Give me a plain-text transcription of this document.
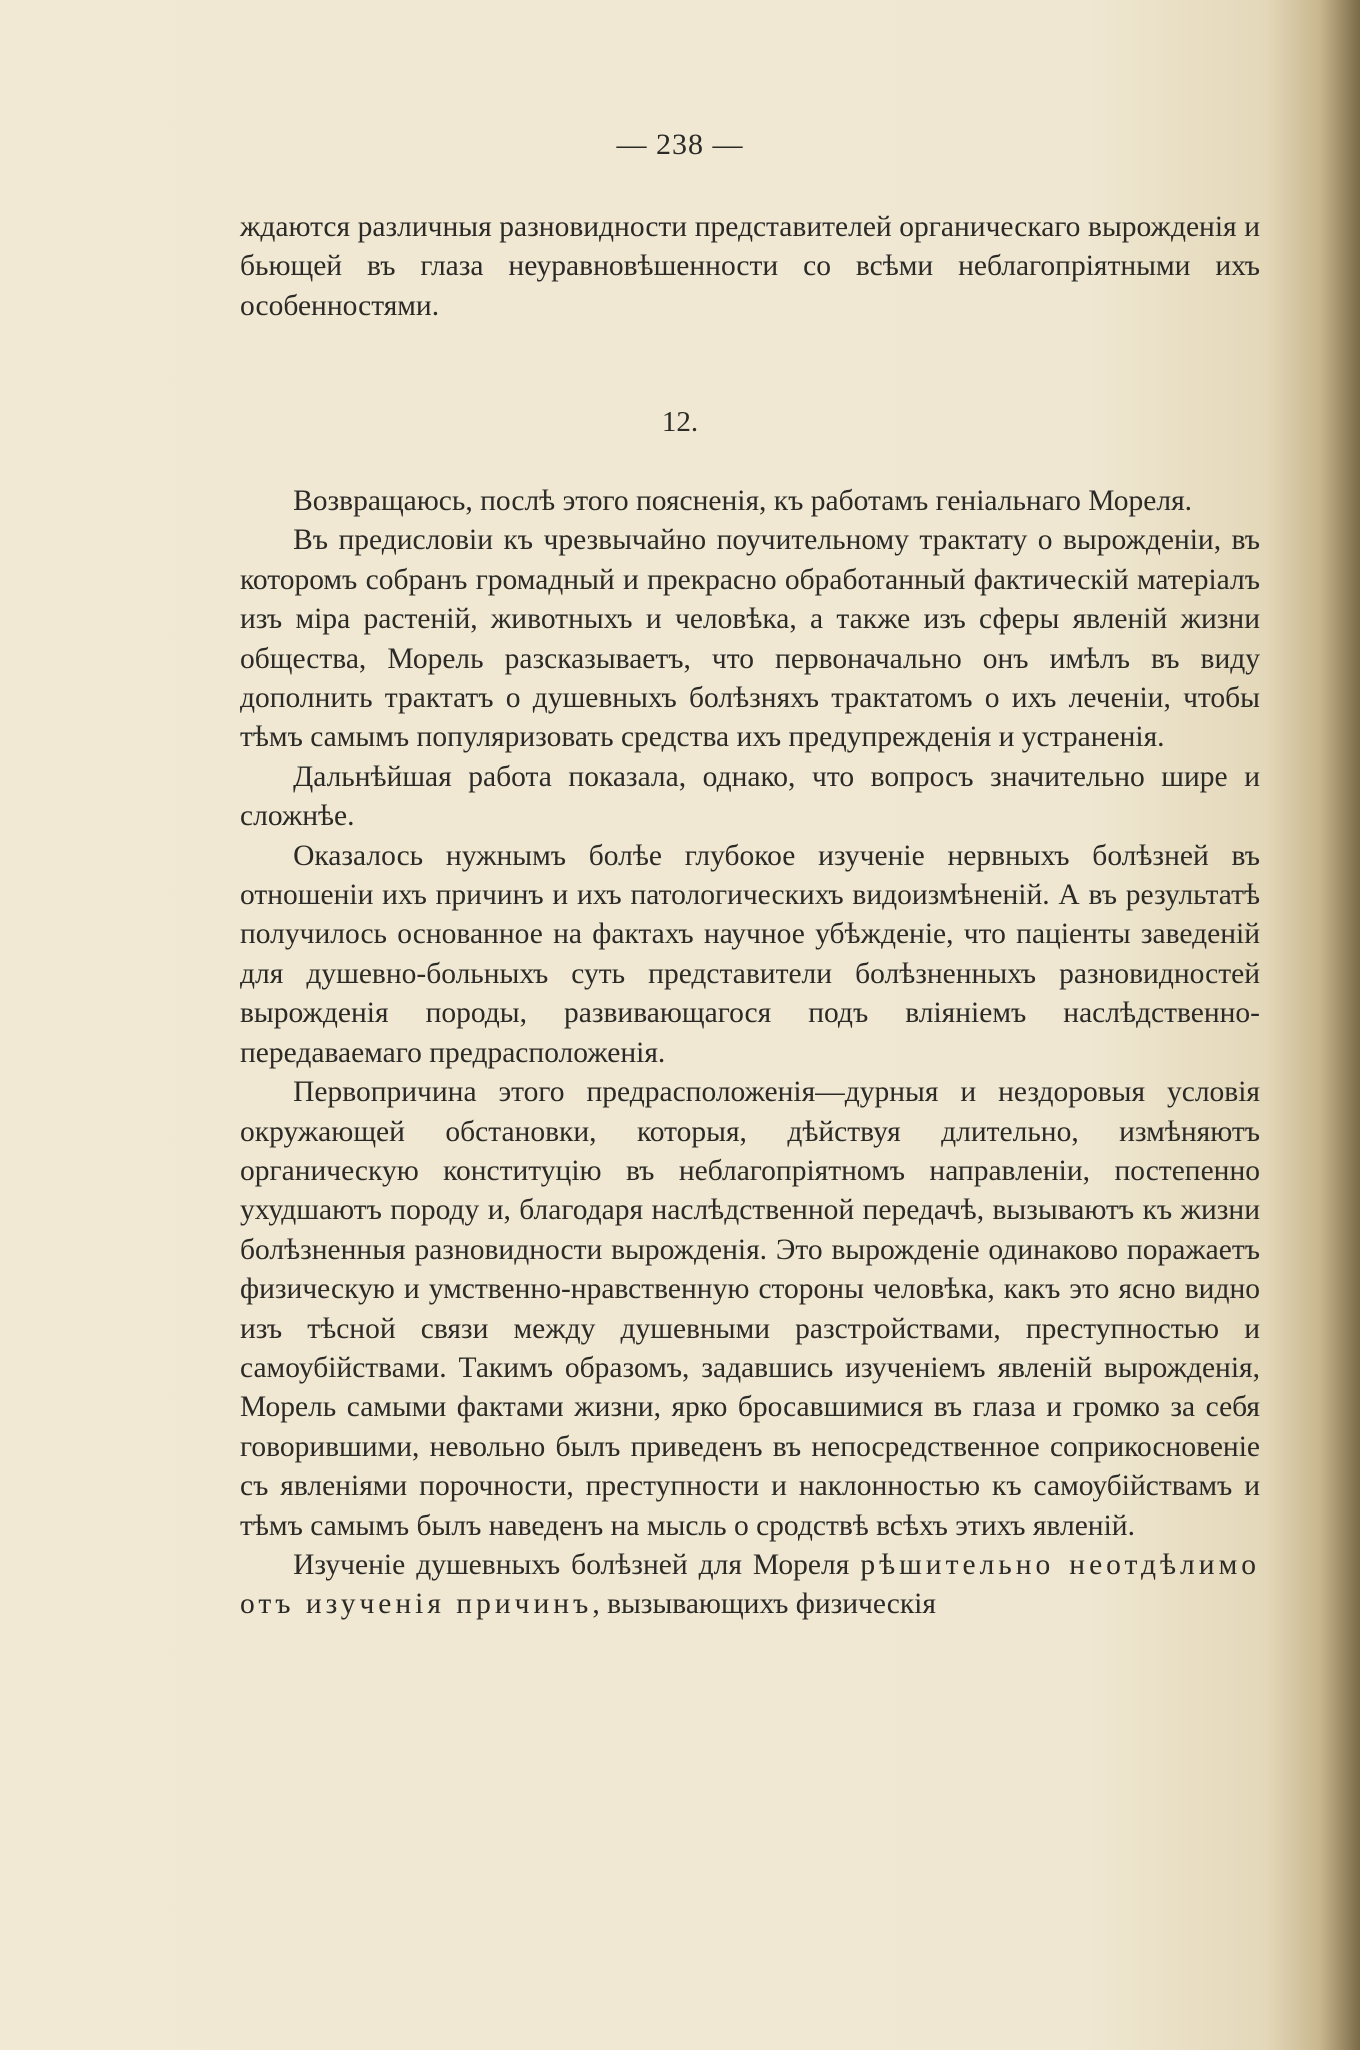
— 238 —

ждаются различныя разновидности представителей органическаго вырожденія и бьющей въ глаза неуравновѣшенности со всѣми неблагопріятными ихъ особенностями.

12.

Возвращаюсь, послѣ этого поясненія, къ работамъ геніальнаго Мореля.

Въ предисловіи къ чрезвычайно поучительному трактату о вырожденіи, въ которомъ собранъ громадный и прекрасно обработанный фактическій матеріалъ изъ міра растеній, животныхъ и человѣка, а также изъ сферы явленій жизни общества, Морель разсказываетъ, что первоначально онъ имѣлъ въ виду дополнить трактатъ о душевныхъ болѣзняхъ трактатомъ о ихъ леченіи, чтобы тѣмъ самымъ популяризовать средства ихъ предупрежденія и устраненія.

Дальнѣйшая работа показала, однако, что вопросъ значительно шире и сложнѣе.

Оказалось нужнымъ болѣе глубокое изученіе нервныхъ болѣзней въ отношеніи ихъ причинъ и ихъ патологическихъ видоизмѣненій. А въ результатѣ получилось основанное на фактахъ научное убѣжденіе, что паціенты заведеній для душевно-больныхъ суть представители болѣзненныхъ разновидностей вырожденія породы, развивающагося подъ вліяніемъ наслѣдственно-передаваемаго предрасположенія.

Первопричина этого предрасположенія—дурныя и нездоровыя условія окружающей обстановки, которыя, дѣйствуя длительно, измѣняютъ органическую конституцію въ неблагопріятномъ направленіи, постепенно ухудшаютъ породу и, благодаря наслѣдственной передачѣ, вызываютъ къ жизни болѣзненныя разновидности вырожденія. Это вырожденіе одинаково поражаетъ физическую и умственно-нравственную стороны человѣка, какъ это ясно видно изъ тѣсной связи между душевными разстройствами, преступностью и самоубійствами. Такимъ образомъ, задавшись изученіемъ явленій вырожденія, Морель самыми фактами жизни, ярко бросавшимися въ глаза и громко за себя говорившими, невольно былъ приведенъ въ непосредственное соприкосновеніе съ явленіями порочности, преступности и наклонностью къ самоубійствамъ и тѣмъ самымъ былъ наведенъ на мысль о сродствѣ всѣхъ этихъ явленій.

Изученіе душевныхъ болѣзней для Мореля рѣшительно неотдѣлимо отъ изученія причинъ, вызывающихъ физическія
